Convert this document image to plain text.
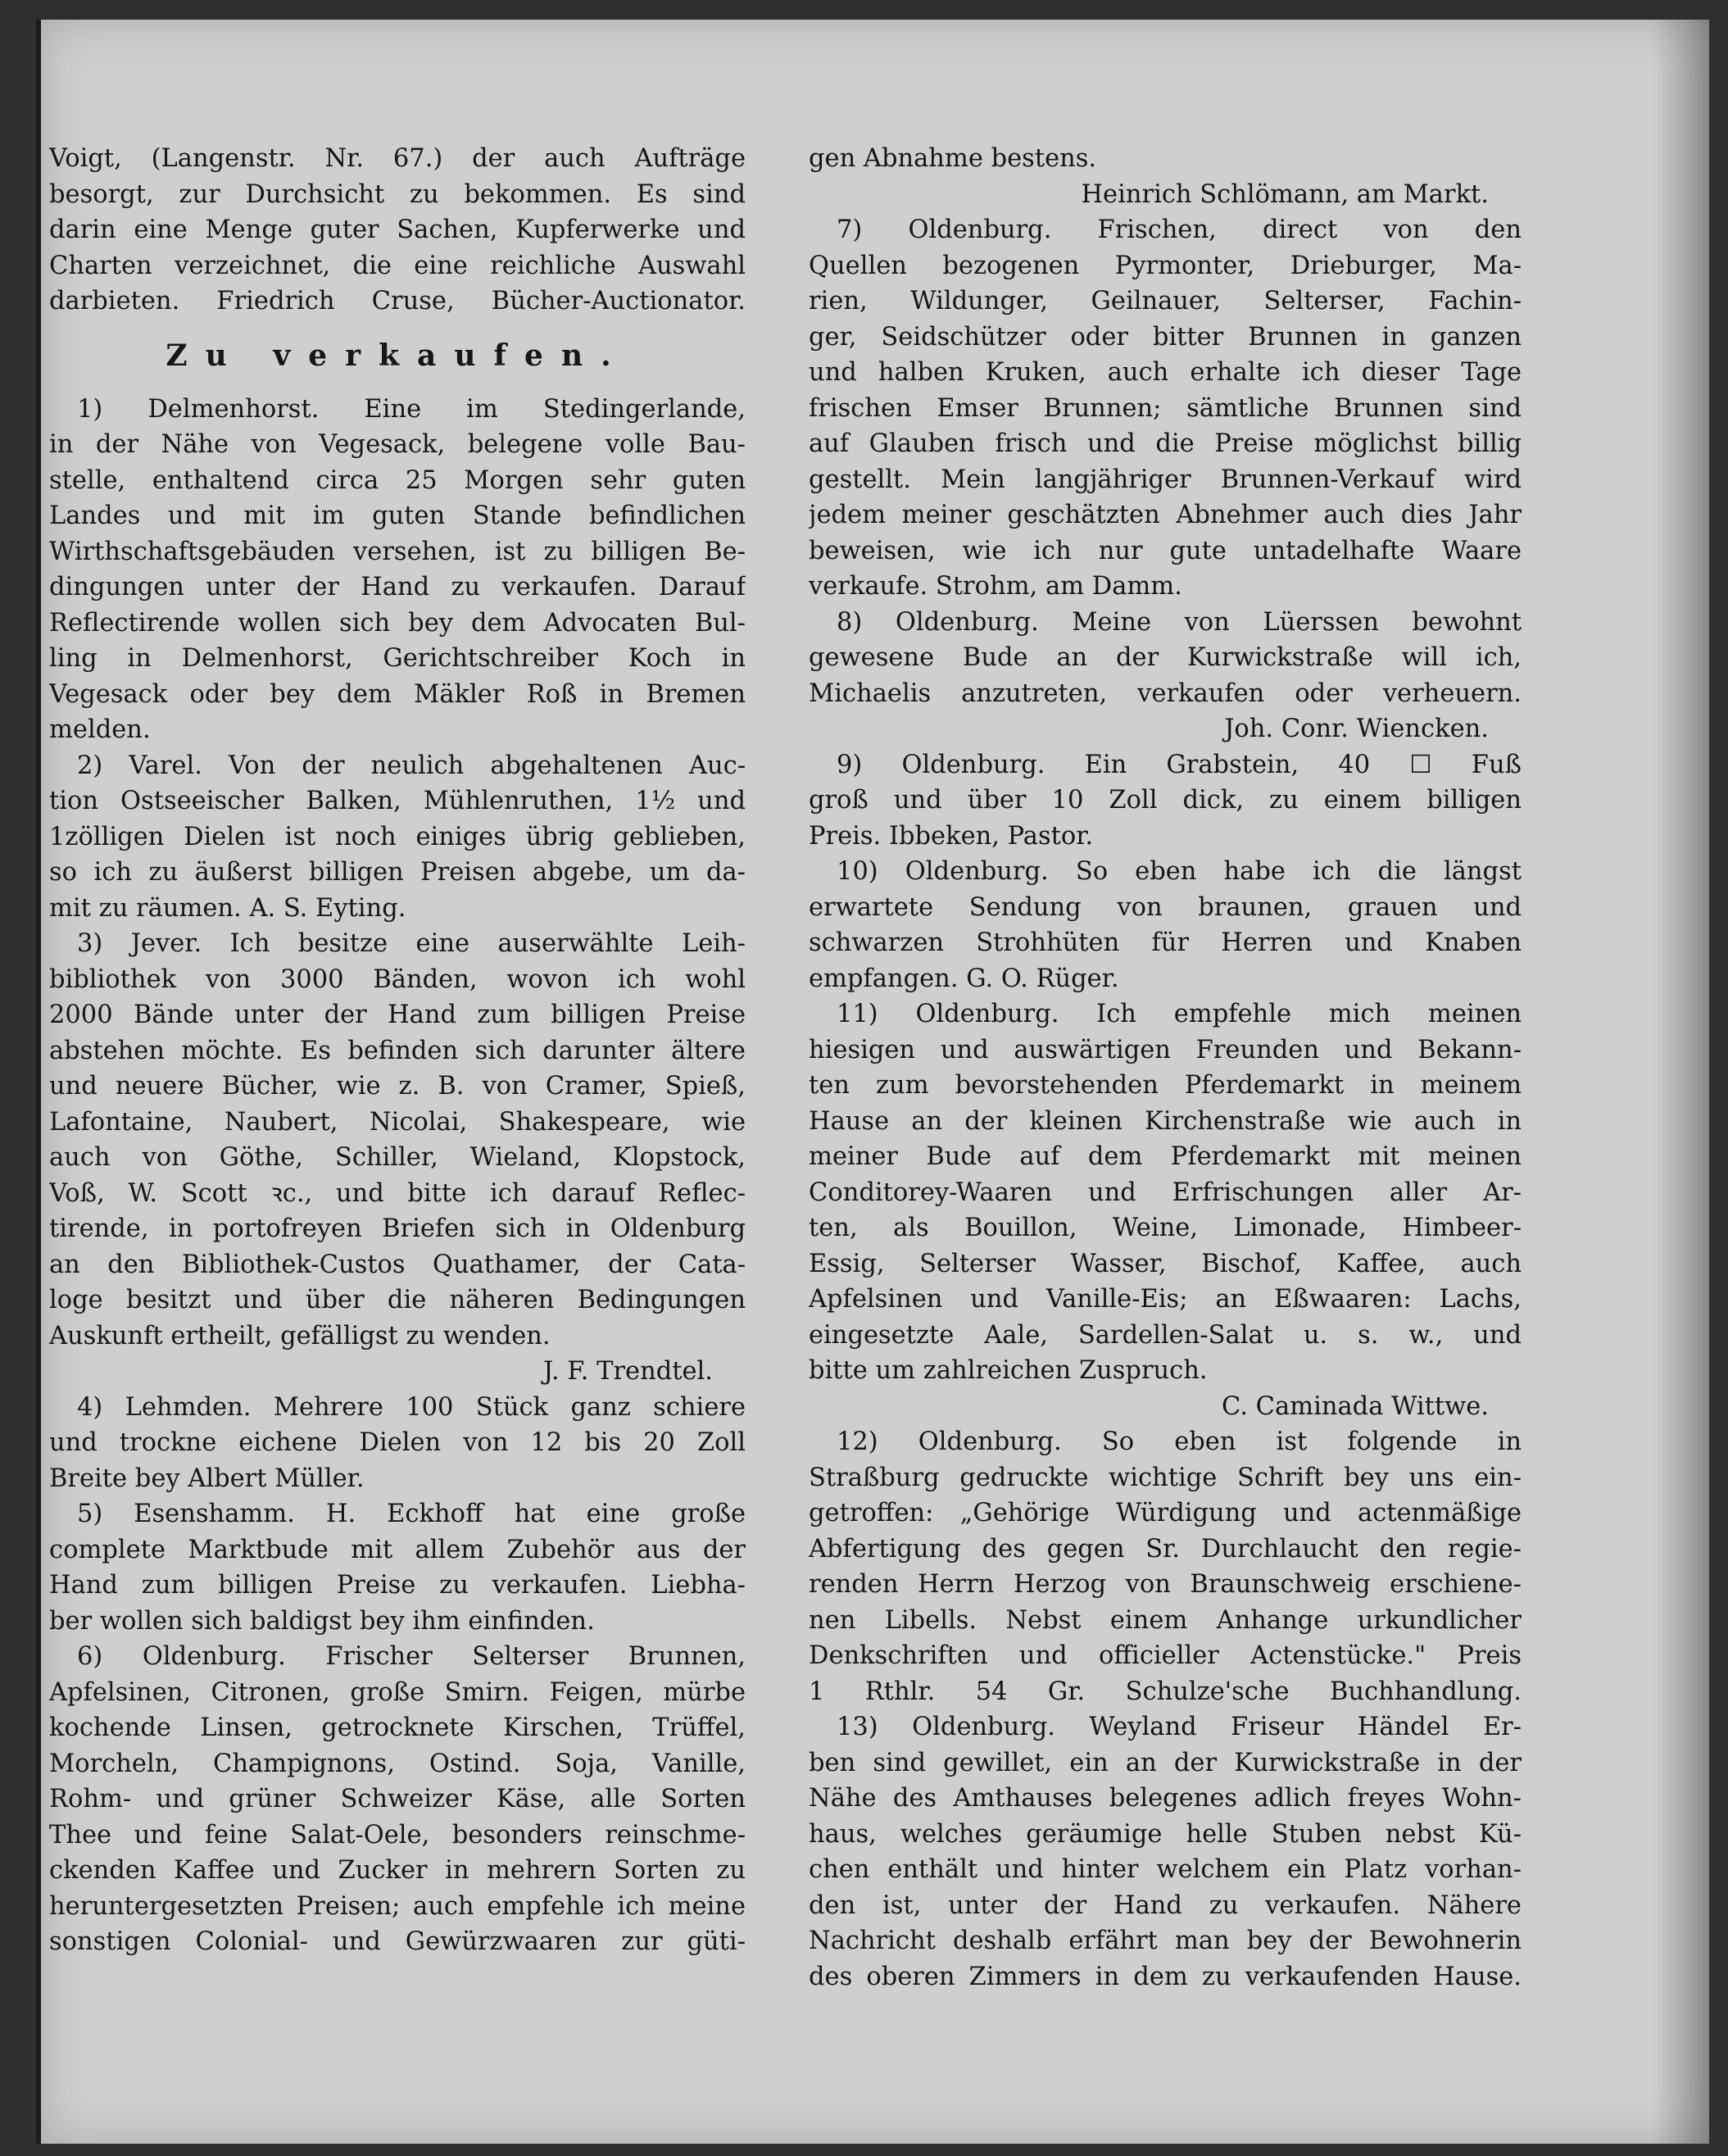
Voigt, (Langenstr. Nr. 67.) der auch Aufträge
besorgt, zur Durchsicht zu bekommen. Es sind
darin eine Menge guter Sachen, Kupferwerke und
Charten verzeichnet, die eine reichliche Auswahl
darbieten. Friedrich Cruse, Bücher-Auctionator.
Zu verkaufen.
1) Delmenhorst. Eine im Stedingerlande,
in der Nähe von Vegesack, belegene volle Bau-
stelle, enthaltend circa 25 Morgen sehr guten
Landes und mit im guten Stande befindlichen
Wirthschaftsgebäuden versehen, ist zu billigen Be-
dingungen unter der Hand zu verkaufen. Darauf
Reflectirende wollen sich bey dem Advocaten Bul-
ling in Delmenhorst, Gerichtschreiber Koch in
Vegesack oder bey dem Mäkler Roß in Bremen
melden.
2) Varel. Von der neulich abgehaltenen Auc-
tion Ostseeischer Balken, Mühlenruthen, 1½ und
1zölligen Dielen ist noch einiges übrig geblieben,
so ich zu äußerst billigen Preisen abgebe, um da-
mit zu räumen. A. S. Eyting.
3) Jever. Ich besitze eine auserwählte Leih-
bibliothek von 3000 Bänden, wovon ich wohl
2000 Bände unter der Hand zum billigen Preise
abstehen möchte. Es befinden sich darunter ältere
und neuere Bücher, wie z. B. von Cramer, Spieß,
Lafontaine, Naubert, Nicolai, Shakespeare, wie
auch von Göthe, Schiller, Wieland, Klopstock,
Voß, W. Scott ꝛc., und bitte ich darauf Reflec-
tirende, in portofreyen Briefen sich in Oldenburg
an den Bibliothek-Custos Quathamer, der Cata-
loge besitzt und über die näheren Bedingungen
Auskunft ertheilt, gefälligst zu wenden.
J. F. Trendtel.
4) Lehmden. Mehrere 100 Stück ganz schiere
und trockne eichene Dielen von 12 bis 20 Zoll
Breite bey Albert Müller.
5) Esenshamm. H. Eckhoff hat eine große
complete Marktbude mit allem Zubehör aus der
Hand zum billigen Preise zu verkaufen. Liebha-
ber wollen sich baldigst bey ihm einfinden.
6) Oldenburg. Frischer Selterser Brunnen,
Apfelsinen, Citronen, große Smirn. Feigen, mürbe
kochende Linsen, getrocknete Kirschen, Trüffel,
Morcheln, Champignons, Ostind. Soja, Vanille,
Rohm- und grüner Schweizer Käse, alle Sorten
Thee und feine Salat-Oele, besonders reinschme-
ckenden Kaffee und Zucker in mehrern Sorten zu
heruntergesetzten Preisen; auch empfehle ich meine
sonstigen Colonial- und Gewürzwaaren zur güti-
gen Abnahme bestens.
Heinrich Schlömann, am Markt.
7) Oldenburg. Frischen, direct von den
Quellen bezogenen Pyrmonter, Drieburger, Ma-
rien, Wildunger, Geilnauer, Selterser, Fachin-
ger, Seidschützer oder bitter Brunnen in ganzen
und halben Kruken, auch erhalte ich dieser Tage
frischen Emser Brunnen; sämtliche Brunnen sind
auf Glauben frisch und die Preise möglichst billig
gestellt. Mein langjähriger Brunnen-Verkauf wird
jedem meiner geschätzten Abnehmer auch dies Jahr
beweisen, wie ich nur gute untadelhafte Waare
verkaufe. Strohm, am Damm.
8) Oldenburg. Meine von Lüerssen bewohnt
gewesene Bude an der Kurwickstraße will ich,
Michaelis anzutreten, verkaufen oder verheuern.
Joh. Conr. Wiencken.
9) Oldenburg. Ein Grabstein, 40 ☐ Fuß
groß und über 10 Zoll dick, zu einem billigen
Preis. Ibbeken, Pastor.
10) Oldenburg. So eben habe ich die längst
erwartete Sendung von braunen, grauen und
schwarzen Strohhüten für Herren und Knaben
empfangen. G. O. Rüger.
11) Oldenburg. Ich empfehle mich meinen
hiesigen und auswärtigen Freunden und Bekann-
ten zum bevorstehenden Pferdemarkt in meinem
Hause an der kleinen Kirchenstraße wie auch in
meiner Bude auf dem Pferdemarkt mit meinen
Conditorey-Waaren und Erfrischungen aller Ar-
ten, als Bouillon, Weine, Limonade, Himbeer-
Essig, Selterser Wasser, Bischof, Kaffee, auch
Apfelsinen und Vanille-Eis; an Eßwaaren: Lachs,
eingesetzte Aale, Sardellen-Salat u. s. w., und
bitte um zahlreichen Zuspruch.
C. Caminada Wittwe.
12) Oldenburg. So eben ist folgende in
Straßburg gedruckte wichtige Schrift bey uns ein-
getroffen: „Gehörige Würdigung und actenmäßige
Abfertigung des gegen Sr. Durchlaucht den regie-
renden Herrn Herzog von Braunschweig erschiene-
nen Libells. Nebst einem Anhange urkundlicher
Denkschriften und officieller Actenstücke." Preis
1 Rthlr. 54 Gr. Schulze'sche Buchhandlung.
13) Oldenburg. Weyland Friseur Händel Er-
ben sind gewillet, ein an der Kurwickstraße in der
Nähe des Amthauses belegenes adlich freyes Wohn-
haus, welches geräumige helle Stuben nebst Kü-
chen enthält und hinter welchem ein Platz vorhan-
den ist, unter der Hand zu verkaufen. Nähere
Nachricht deshalb erfährt man bey der Bewohnerin
des oberen Zimmers in dem zu verkaufenden Hause.
